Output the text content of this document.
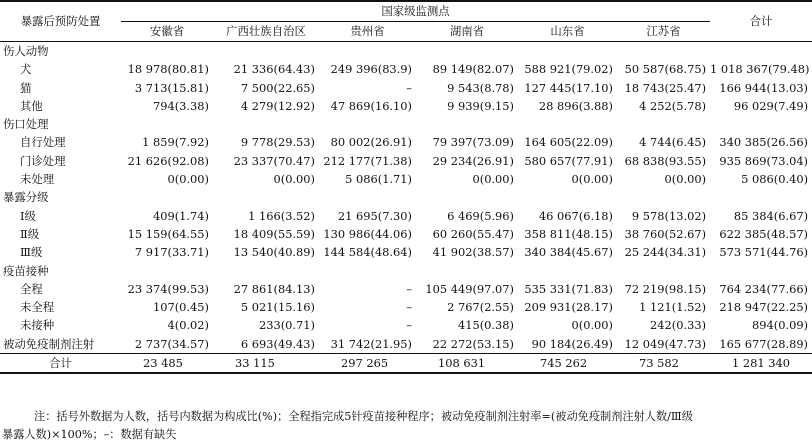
暴露后预防处置	国家级监测点						合计
	安徽省	广西壮族自治区	贵州省	湖南省	山东省	江苏省	
伤人动物							
犬	18 978(80.81)	21 336(64.43)	249 396(83.9)	89 149(82.07)	588 921(79.02)	50 587(68.75)	1 018 367(79.48)
猫	3 713(15.81)	7 500(22.65)	–	9 543(8.78)	127 445(17.10)	18 743(25.47)	166 944(13.03)
其他	794(3.38)	4 279(12.92)	47 869(16.10)	9 939(9.15)	28 896(3.88)	4 252(5.78)	96 029(7.49)
伤口处理							
自行处理	1 859(7.92)	9 778(29.53)	80 002(26.91)	79 397(73.09)	164 605(22.09)	4 744(6.45)	340 385(26.56)
门诊处理	21 626(92.08)	23 337(70.47)	212 177(71.38)	29 234(26.91)	580 657(77.91)	68 838(93.55)	935 869(73.04)
未处理	0(0.00)	0(0.00)	5 086(1.71)	0(0.00)	0(0.00)	0(0.00)	5 086(0.40)
暴露分级							
Ⅰ级	409(1.74)	1 166(3.52)	21 695(7.30)	6 469(5.96)	46 067(6.18)	9 578(13.02)	85 384(6.67)
Ⅱ级	15 159(64.55)	18 409(55.59)	130 986(44.06)	60 260(55.47)	358 811(48.15)	38 760(52.67)	622 385(48.57)
Ⅲ级	7 917(33.71)	13 540(40.89)	144 584(48.64)	41 902(38.57)	340 384(45.67)	25 244(34.31)	573 571(44.76)
疫苗接种							
全程	23 374(99.53)	27 861(84.13)	–	105 449(97.07)	535 331(71.83)	72 219(98.15)	764 234(77.66)
未全程	107(0.45)	5 021(15.16)	–	2 767(2.55)	209 931(28.17)	1 121(1.52)	218 947(22.25)
未接种	4(0.02)	233(0.71)	–	415(0.38)	0(0.00)	242(0.33)	894(0.09)
被动免疫制剂注射	2 737(34.57)	6 693(49.43)	31 742(21.95)	22 272(53.15)	90 184(26.49)	12 049(47.73)	165 677(28.89)
合计	23 485	33 115	297 265	108 631	745 262	73 582	1 281 340
注：括号外数据为人数，括号内数据为构成比(%)；全程指完成5针疫苗接种程序；被动免疫制剂注射率=(被动免疫制剂注射人数/Ⅲ级
暴露人数)×100%；–：数据有缺失
